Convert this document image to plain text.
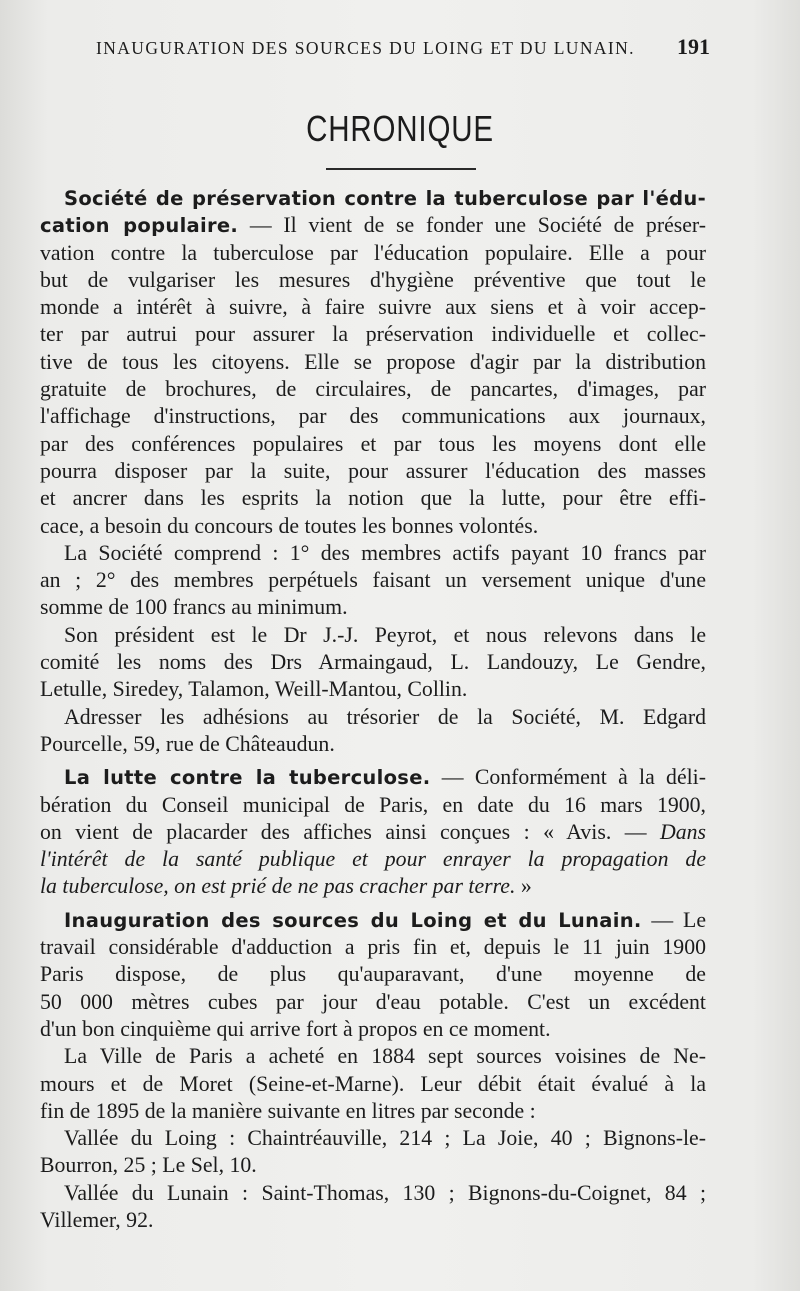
INAUGURATION DES SOURCES DU LOING ET DU LUNAIN. 191
CHRONIQUE
Société de préservation contre la tuberculose par l'édu-
cation populaire. — Il vient de se fonder une Société de préser-
vation contre la tuberculose par l'éducation populaire. Elle a pour
but de vulgariser les mesures d'hygiène préventive que tout le
monde a intérêt à suivre, à faire suivre aux siens et à voir accep-
ter par autrui pour assurer la préservation individuelle et collec-
tive de tous les citoyens. Elle se propose d'agir par la distribution
gratuite de brochures, de circulaires, de pancartes, d'images, par
l'affichage d'instructions, par des communications aux journaux,
par des conférences populaires et par tous les moyens dont elle
pourra disposer par la suite, pour assurer l'éducation des masses
et ancrer dans les esprits la notion que la lutte, pour être effi-
cace, a besoin du concours de toutes les bonnes volontés.
La Société comprend : 1° des membres actifs payant 10 francs par
an ; 2° des membres perpétuels faisant un versement unique d'une
somme de 100 francs au minimum.
Son président est le Dr J.-J. Peyrot, et nous relevons dans le
comité les noms des Drs Armaingaud, L. Landouzy, Le Gendre,
Letulle, Siredey, Talamon, Weill-Mantou, Collin.
Adresser les adhésions au trésorier de la Société, M. Edgard
Pourcelle, 59, rue de Châteaudun.
La lutte contre la tuberculose. — Conformément à la déli-
bération du Conseil municipal de Paris, en date du 16 mars 1900,
on vient de placarder des affiches ainsi conçues : « Avis. — Dans
l'intérêt de la santé publique et pour enrayer la propagation de
la tuberculose, on est prié de ne pas cracher par terre. »
Inauguration des sources du Loing et du Lunain. — Le
travail considérable d'adduction a pris fin et, depuis le 11 juin 1900
Paris dispose, de plus qu'auparavant, d'une moyenne de
50 000 mètres cubes par jour d'eau potable. C'est un excédent
d'un bon cinquième qui arrive fort à propos en ce moment.
La Ville de Paris a acheté en 1884 sept sources voisines de Ne-
mours et de Moret (Seine-et-Marne). Leur débit était évalué à la
fin de 1895 de la manière suivante en litres par seconde :
Vallée du Loing : Chaintréauville, 214 ; La Joie, 40 ; Bignons-le-
Bourron, 25 ; Le Sel, 10.
Vallée du Lunain : Saint-Thomas, 130 ; Bignons-du-Coignet, 84 ;
Villemer, 92.
